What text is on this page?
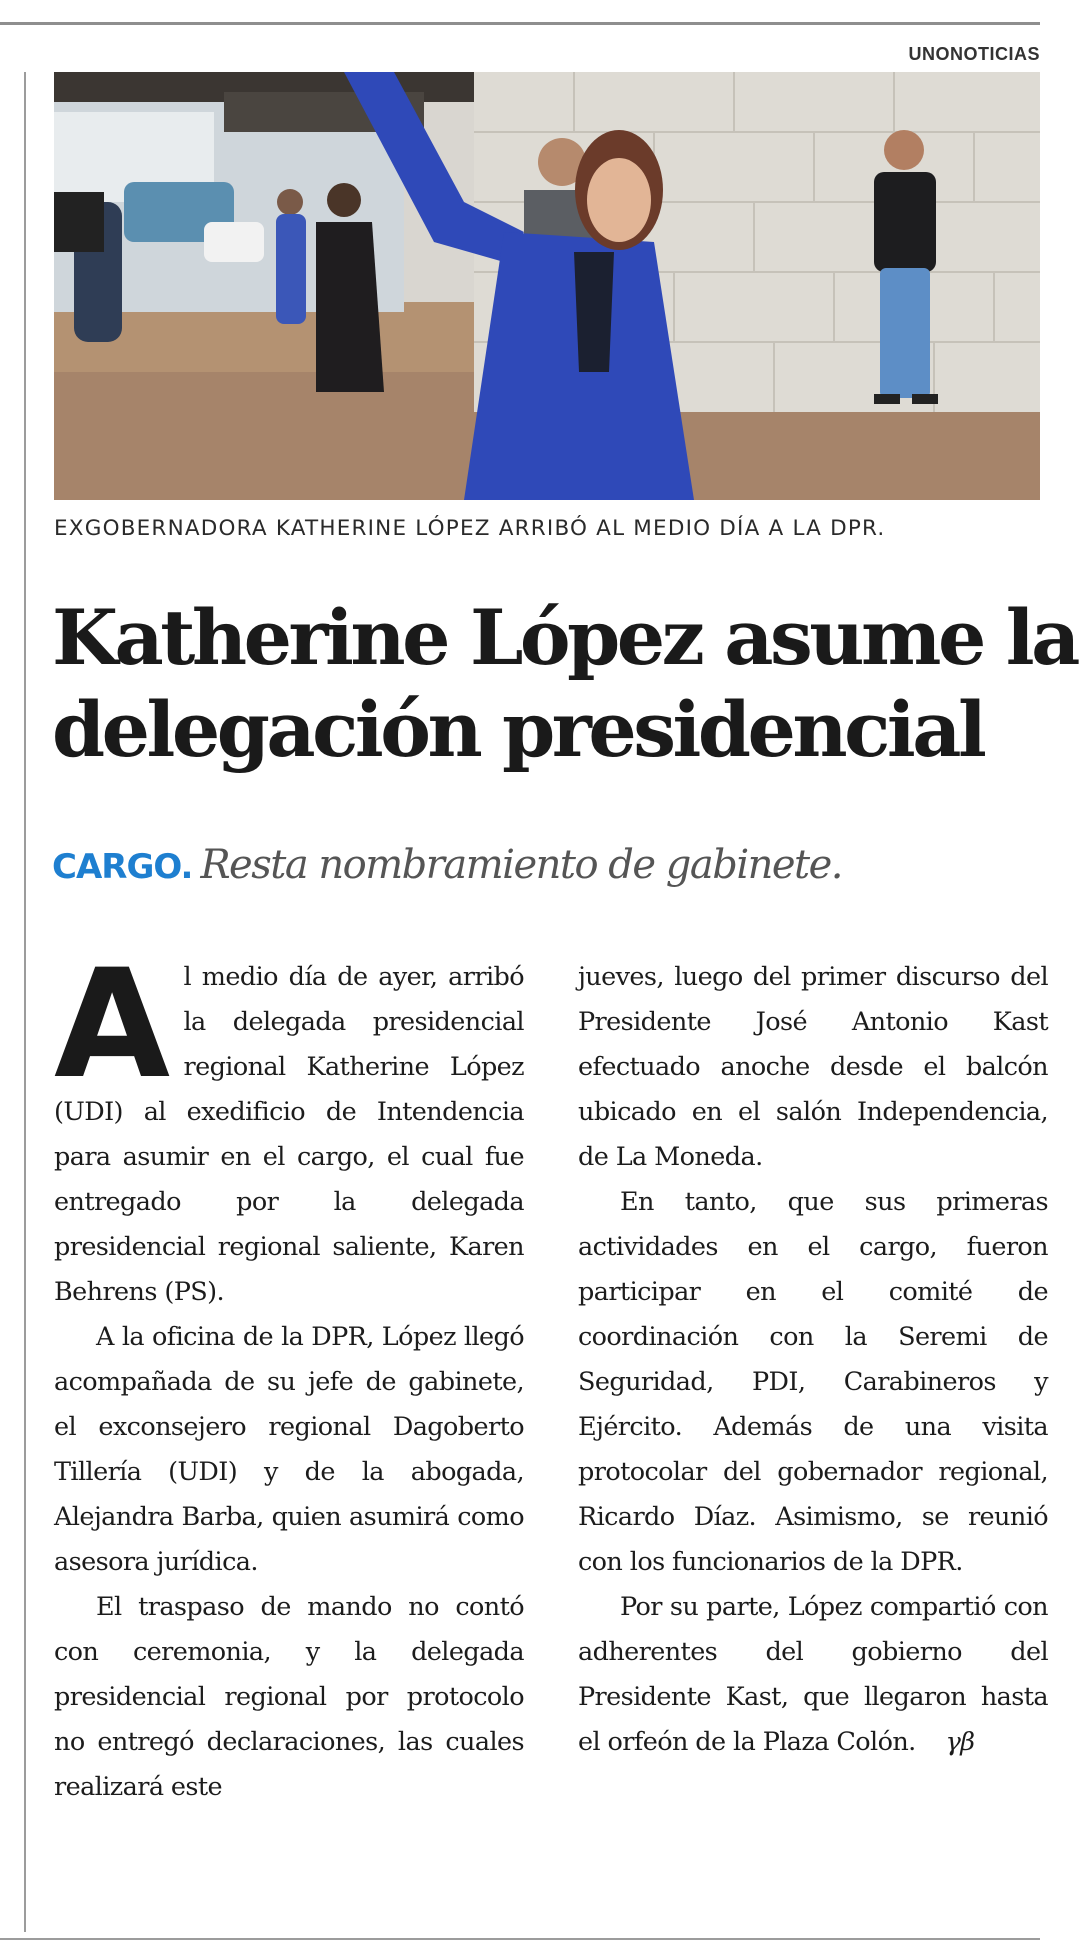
UNONOTICIAS
EXGOBERNADORA KATHERINE LÓPEZ ARRIBÓ AL MEDIO DÍA A LA DPR.
Katherine López asume la
delegación presidencial
CARGO. Resta nombramiento de gabinete.

Al medio día de ayer, arribó la delegada presidencial regional Katherine López (UDI) al exedificio de Intendencia para asumir en el cargo, el cual fue entregado por la delegada presidencial regional saliente, Karen Behrens (PS).

A la oficina de la DPR, López llegó acompañada de su jefe de gabinete, el exconsejero regional Dagoberto Tillería (UDI) y de la abogada, Alejandra Barba, quien asumirá como asesora jurídica.

El traspaso de mando no contó con ceremonia, y la delegada presidencial regional por protocolo no entregó declaraciones, las cuales realizará este

jueves, luego del primer discurso del Presidente José Antonio Kast efectuado anoche desde el balcón ubicado en el salón Independencia, de La Moneda.

En tanto, que sus primeras actividades en el cargo, fueron participar en el comité de coordinación con la Seremi de Seguridad, PDI, Carabineros y Ejército. Además de una visita protocolar del gobernador regional, Ricardo Díaz. Asimismo, se reunió con los funcionarios de la DPR.

Por su parte, López compartió con adherentes del gobierno del Presidente Kast, que llegaron hasta el orfeón de la Plaza Colón. γβ
